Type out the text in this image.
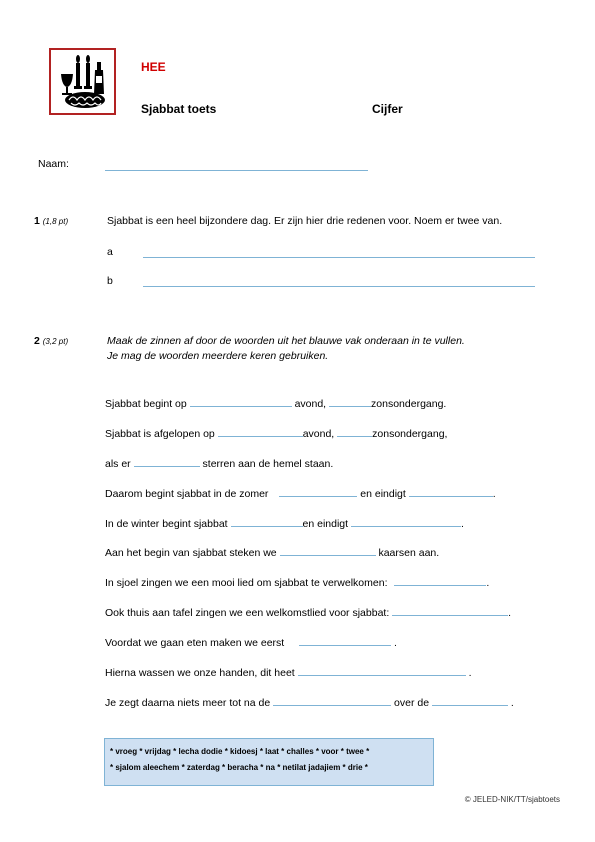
HEE
Sjabbat toets	Cijfer
Naam:
1 (1,8 pt)	Sjabbat is een heel bijzondere dag. Er zijn hier drie redenen voor. Noem er twee van.
a
b
2 (3,2 pt)	Maak de zinnen af door de woorden uit het blauwe vak onderaan in te vullen.
Je mag de woorden meerdere keren gebruiken.
Sjabbat begint op	avond,	zonsondergang.
Sjabbat is afgelopen op	avond,	zonsondergang,
als er	sterren aan de hemel staan.
Daarom begint sjabbat in de zomer	en eindigt	.
In de winter begint sjabbat	en eindigt	.
Aan het begin van sjabbat steken we	kaarsen aan.
In sjoel zingen we een mooi lied om sjabbat te verwelkomen:	.
Ook thuis aan tafel zingen we een welkomstlied voor sjabbat:	.
Voordat we gaan eten maken we eerst	.
Hierna wassen we onze handen, dit heet	.
Je zegt daarna niets meer tot na de	over de	.
* vroeg * vrijdag * lecha dodie * kidoesj * laat * challes * voor * twee *
* sjalom aleechem * zaterdag * beracha * na * netilat jadajiem * drie *
© JELED-NIK/TT/sjabtoets
